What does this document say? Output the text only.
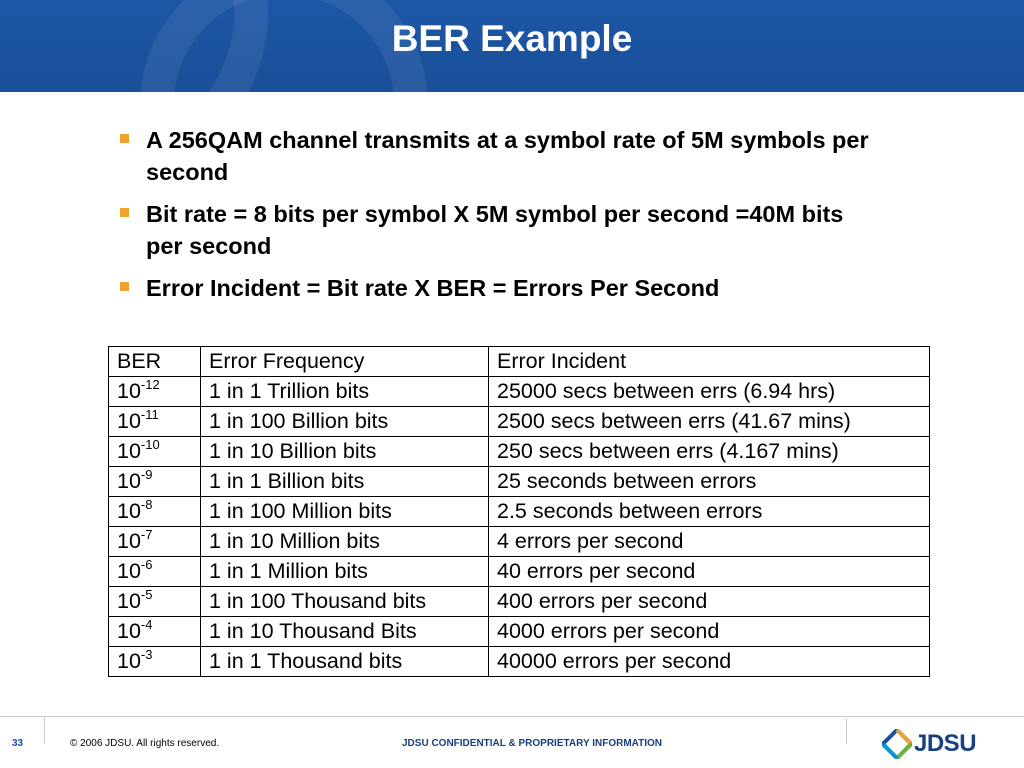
BER Example
A 256QAM channel transmits at a symbol rate of 5M symbols per second
Bit rate = 8 bits per symbol X 5M symbol per second =40M bits per second
Error Incident = Bit rate X BER = Errors Per Second
BER	Error Frequency	Error Incident
$10^{-12}$	1 in 1 Trillion bits	25000 secs between errs (6.94 hrs)
$10^{-11}$	1 in 100 Billion bits	2500 secs between errs (41.67 mins)
$10^{-10}$	1 in 10 Billion bits	250 secs between errs (4.167 mins)
$10^{-9}$	1 in 1 Billion bits	25 seconds between errors
$10^{-8}$	1 in 100 Million bits	2.5 seconds between errors
$10^{-7}$	1 in 10 Million bits	4 errors per second
$10^{-6}$	1 in 1 Million bits	40 errors per second
$10^{-5}$	1 in 100 Thousand bits	400 errors per second
$10^{-4}$	1 in 10 Thousand Bits	4000 errors per second
$10^{-3}$	1 in 1 Thousand bits	40000 errors per second
33	© 2006 JDSU. All rights reserved.	JDSU CONFIDENTIAL & PROPRIETARY INFORMATION	JDSU
